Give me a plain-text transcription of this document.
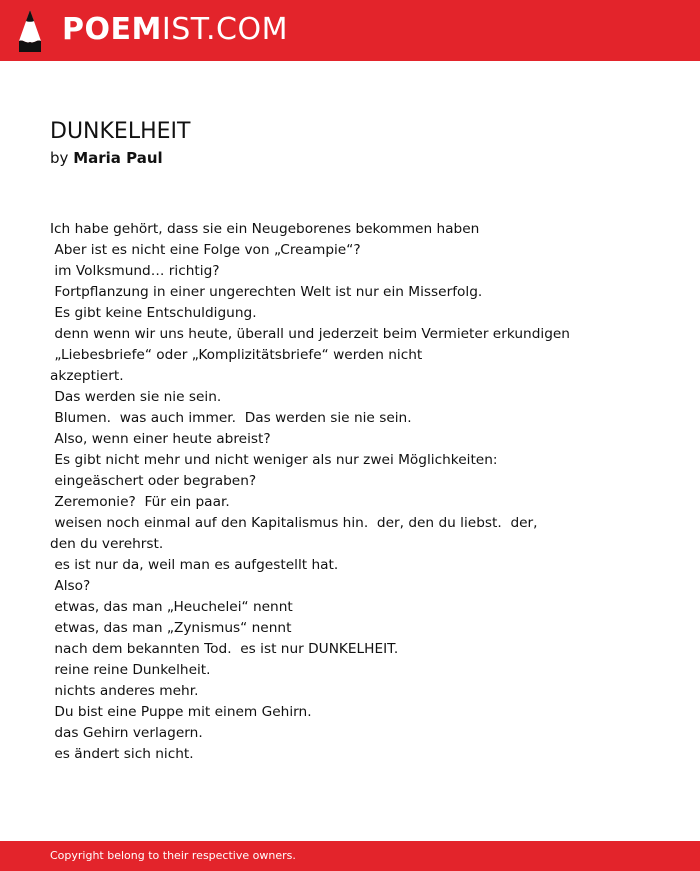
POEMIST.COM
DUNKELHEIT
by Maria Paul
Ich habe gehört, dass sie ein Neugeborenes bekommen haben
Aber ist es nicht eine Folge von „Creampie“?
im Volksmund… richtig?
Fortpflanzung in einer ungerechten Welt ist nur ein Misserfolg.
Es gibt keine Entschuldigung.
denn wenn wir uns heute, überall und jederzeit beim Vermieter erkundigen
„Liebesbriefe“ oder „Komplizitätsbriefe“ werden nicht
akzeptiert.
Das werden sie nie sein.
Blumen.  was auch immer.  Das werden sie nie sein.
Also, wenn einer heute abreist?
Es gibt nicht mehr und nicht weniger als nur zwei Möglichkeiten:
eingeäschert oder begraben?
Zeremonie?  Für ein paar.
weisen noch einmal auf den Kapitalismus hin.  der, den du liebst.  der,
den du verehrst.
es ist nur da, weil man es aufgestellt hat.
Also?
etwas, das man „Heuchelei“ nennt
etwas, das man „Zynismus“ nennt
nach dem bekannten Tod.  es ist nur DUNKELHEIT.
reine reine Dunkelheit.
nichts anderes mehr.
Du bist eine Puppe mit einem Gehirn.
das Gehirn verlagern.
es ändert sich nicht.
Copyright belong to their respective owners.
